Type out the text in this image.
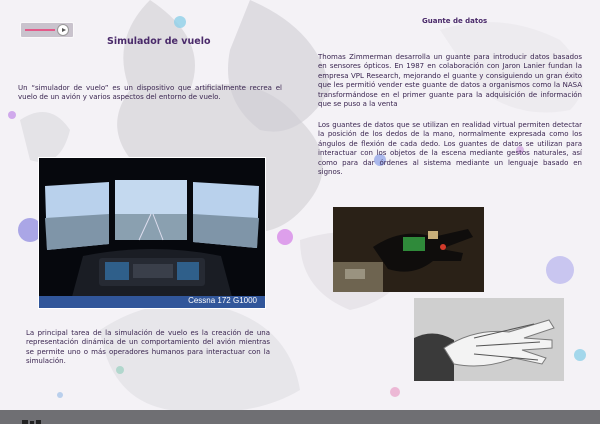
Simulador de vuelo
Un “simulador de vuelo” es un dispositivo que artificialmente recrea el vuelo de un avión y varios aspectos del entorno de vuelo.
Cessna 172 G1000
La principal tarea de la simulación de vuelo es la creación de una representación dinámica de un comportamiento del avión mientras se permite uno o más operadores humanos para interactuar con la simulación.
Guante de datos
Thomas Zimmerman desarrolla un guante para introducir datos basados en sensores ópticos. En 1987 en colaboración con Jaron Lanier fundan la empresa VPL Research, mejorando el guante y consiguiendo un gran éxito que les permitió vender este guante de datos a organismos como la NASA transformándose en el primer guante para la adquisición de información que se puso a la venta
Los guantes de datos que se utilizan en realidad virtual permiten detectar la posición de los dedos de la mano, normalmente expresada como los ángulos de flexión de cada dedo. Los guantes de datos se utilizan para interactuar con los objetos de la escena mediante gestos naturales, así como para dar órdenes al sistema mediante un lenguaje basado en signos.
